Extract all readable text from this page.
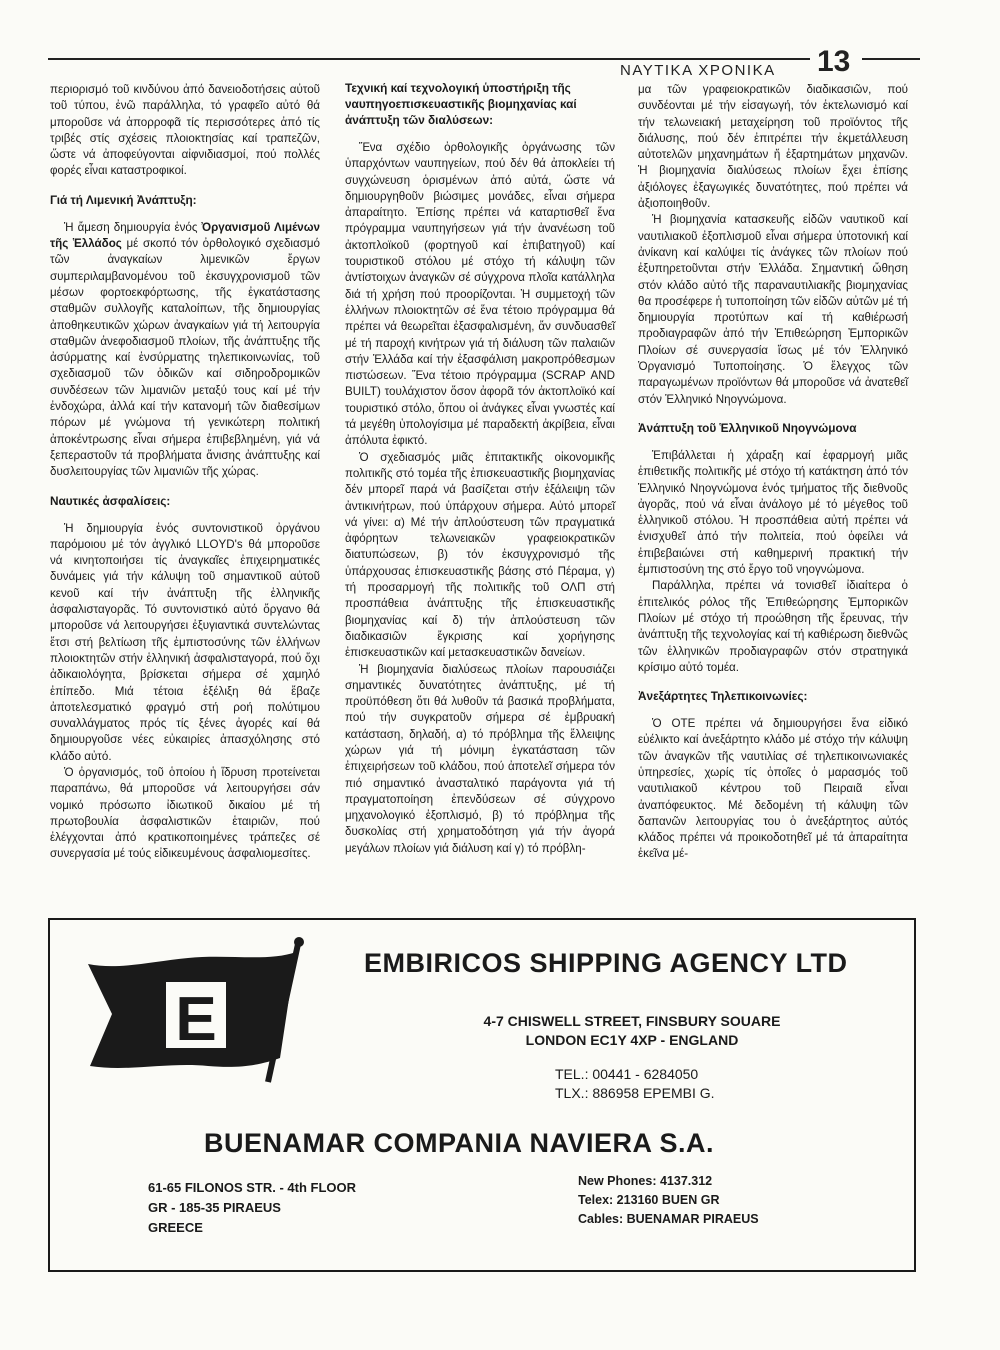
ΝΑΥΤΙΚΑ ΧΡΟΝΙΚΑ 13

περιορισμό τοῦ κινδύνου ἀπό δανειοδοτήσεις αὐτοῦ τοῦ τύπου, ἐνῶ παράλληλα, τό γραφεῖο αὐτό θά μποροῦσε νά ἀπορροφᾶ τίς περισσότερες ἀπό τίς τριβές στίς σχέσεις πλοιοκτησίας καί τραπεζῶν, ὥστε νά ἀποφεύγονται αἰφνιδιασμοί, πού πολλές φορές εἶναι καταστροφικοί.

Γιά τή Λιμενική Ἀνάπτυξη:

Ἡ ἄμεση δημιουργία ἑνός Ὀργανισμοῦ Λιμένων τῆς Ἑλλάδος μέ σκοπό τόν ὀρθολογικό σχεδιασμό τῶν ἀναγκαίων λιμενικῶν ἔργων συμπεριλαμβανομένου τοῦ ἐκσυγχρονισμοῦ τῶν μέσων φορτοεκφόρτωσης, τῆς ἐγκατάστασης σταθμῶν συλλογῆς καταλοίπων, τῆς δημιουργίας ἀποθηκευτικῶν χώρων ἀναγκαίων γιά τή λειτουργία σταθμῶν ἀνεφοδιασμοῦ πλοίων, τῆς ἀνάπτυξης τῆς ἀσύρματης καί ἐνσύρματης τηλεπικοινωνίας, τοῦ σχεδιασμοῦ τῶν ὁδικῶν καί σιδηροδρομικῶν συνδέσεων τῶν λιμανιῶν μεταξύ τους καί μέ τήν ἐνδοχώρα, ἀλλά καί τήν κατανομή τῶν διαθεσίμων πόρων μέ γνώμονα τή γενικώτερη πολιτική ἀποκέντρωσης εἶναι σήμερα ἐπιβεβλημένη, γιά νά ξεπεραστοῦν τά προβλήματα ἄνισης ἀνάπτυξης καί δυσλειτουργίας τῶν λιμανιῶν τῆς χώρας.

Ναυτικές ἀσφαλίσεις:

Ἡ δημιουργία ἑνός συντονιστικοῦ ὀργάνου παρόμοιου μέ τόν ἀγγλικό LLOYD's θά μποροῦσε νά κινητοποιήσει τίς ἀναγκαῖες ἐπιχειρηματικές δυνάμεις γιά τήν κάλυψη τοῦ σημαντικοῦ αὐτοῦ κενοῦ καί τήν ἀνάπτυξη τῆς ἑλληνικῆς ἀσφαλισταγορᾶς. Τό συντονιστικό αὐτό ὄργανο θά μποροῦσε νά λειτουργήσει ἐξυγιαντικά συντελώντας ἔτσι στή βελτίωση τῆς ἐμπιστοσύνης τῶν ἑλλήνων πλοιοκτητῶν στήν ἑλληνική ἀσφαλισταγορά, πού ὅχι ἀδικαιολόγητα, βρίσκεται σήμερα σέ χαμηλό ἐπίπεδο. Μιά τέτοια ἐξέλιξη θά ἔβαζε ἀποτελεσματικό φραγμό στή ροή πολύτιμου συναλλάγματος πρός τίς ξένες ἀγορές καί θά δημιουργοῦσε νέες εὐκαιρίες ἀπασχόλησης στό κλάδο αὐτό.

Ὁ ὀργανισμός, τοῦ ὁποίου ἡ ἵδρυση προτείνεται παραπάνω, θά μποροῦσε νά λειτουργήσει σάν νομικό πρόσωπο ἰδιωτικοῦ δικαίου μέ τή πρωτοβουλία ἀσφαλιστικῶν ἑταιριῶν, πού ἐλέγχονται ἀπό κρατικοποιημένες τράπεζες σέ συνεργασία μέ τούς εἰδικευμένους ἀσφαλιομεσίτες.

Τεχνική καί τεχνολογική ὑποστήριξη τῆς ναυπηγοεπισκευαστικῆς βιομηχανίας καί ἀνάπτυξη τῶν διαλύσεων:

Ἕνα σχέδιο ὀρθολογικῆς ὀργάνωσης τῶν ὑπαρχόντων ναυπηγείων, πού δέν θά ἀποκλείει τή συγχώνευση ὁρισμένων ἀπό αὐτά, ὥστε νά δημιουργηθοῦν βιώσιμες μονάδες, εἶναι σήμερα ἀπαραίτητο. Ἐπίσης πρέπει νά καταρτισθεῖ ἕνα πρόγραμμα ναυπηγήσεων γιά τήν ἀνανέωση τοῦ ἀκτοπλοϊκοῦ (φορτηγοῦ καί ἐπιβατηγοῦ) καί τουριστικοῦ στόλου μέ στόχο τή κάλυψη τῶν ἀντίστοιχων ἀναγκῶν σέ σύγχρονα πλοῖα κατάλληλα διά τή χρήση πού προορίζονται. Ἡ συμμετοχή τῶν ἑλλήνων πλοιοκτητῶν σέ ἕνα τέτοιο πρόγραμμα θά πρέπει νά θεωρεῖται ἐξασφαλισμένη, ἄν συνδυασθεῖ μέ τή παροχή κινήτρων γιά τή διάλυση τῶν παλαιῶν στήν Ἑλλάδα καί τήν ἐξασφάλιση μακροπρόθεσμων πιστώσεων. Ἕνα τέτοιο πρόγραμμα (SCRAP AND BUILT) τουλάχιστον ὅσον ἀφορᾶ τόν ἀκτοπλοϊκό καί τουριστικό στόλο, ὅπου οἱ ἀνάγκες εἶναι γνωστές καί τά μεγέθη ὑπολογίσιμα μέ παραδεκτή ἀκρίβεια, εἶναι ἀπόλυτα ἐφικτό.

Ὁ σχεδιασμός μιᾶς ἐπιτακτικῆς οἰκονομικῆς πολιτικῆς στό τομέα τῆς ἐπισκευαστικῆς βιομηχανίας δέν μπορεῖ παρά νά βασίζεται στήν ἐξάλειψη τῶν ἀντικινήτρων, πού ὑπάρχουν σήμερα. Αὐτό μπορεῖ νά γίνει: α) Μέ τήν ἀπλούστευση τῶν πραγματικά ἀφόρητων τελωνειακῶν γραφειοκρατικῶν διατυπώσεων, β) τόν ἐκσυγχρονισμό τῆς ὑπάρχουσας ἐπισκευαστικῆς βάσης στό Πέραμα, γ) τή προσαρμογή τῆς πολιτικῆς τοῦ ΟΛΠ στή προσπάθεια ἀνάπτυξης τῆς ἐπισκευαστικῆς βιομηχανίας καί δ) τήν ἀπλούστευση τῶν διαδικασιῶν ἔγκρισης καί χορήγησης ἐπισκευαστικῶν καί μετασκευαστικῶν δανείων.

Ἡ βιομηχανία διαλύσεως πλοίων παρουσιάζει σημαντικές δυνατότητες ἀνάπτυξης, μέ τή προϋπόθεση ὅτι θά λυθοῦν τά βασικά προβλήματα, πού τήν συγκρατοῦν σήμερα σέ ἐμβρυακή κατάσταση, δηλαδή, α) τό πρόβλημα τῆς ἔλλειψης χώρων γιά τή μόνιμη ἐγκατάσταση τῶν ἐπιχειρήσεων τοῦ κλάδου, πού ἀποτελεῖ σήμερα τόν πιό σημαντικό ἀνασταλτικό παράγοντα γιά τή πραγματοποίηση ἐπενδύσεων σέ σύγχρονο μηχανολογικό ἐξοπλισμό, β) τό πρόβλημα τῆς δυσκολίας στή χρηματοδότηση γιά τήν ἀγορά μεγάλων πλοίων γιά διάλυση καί γ) τό πρόβλη-

μα τῶν γραφειοκρατικῶν διαδικασιῶν, πού συνδέονται μέ τήν εἰσαγωγή, τόν ἐκτελωνισμό καί τήν τελωνειακή μεταχείρηση τοῦ προϊόντος τῆς διάλυσης, πού δέν ἐπιτρέπει τήν ἐκμετάλλευση αὐτοτελῶν μηχανημάτων ἤ ἐξαρτημάτων μηχανῶν. Ἡ βιομηχανία διαλύσεως πλοίων ἔχει ἐπίσης ἀξιόλογες ἐξαγωγικές δυνατότητες, πού πρέπει νά ἀξιοποιηθοῦν.

Ἡ βιομηχανία κατασκευῆς εἰδῶν ναυτικοῦ καί ναυτιλιακοῦ ἐξοπλισμοῦ εἶναι σήμερα ὑποτονική καί ἀνίκανη καί καλύψει τίς ἀνάγκες τῶν πλοίων πού ἐξυπηρετοῦνται στήν Ἑλλάδα. Σημαντική ὤθηση στόν κλάδο αὐτό τῆς παραναυτιλιακῆς βιομηχανίας θα προσέφερε ἡ τυποποίηση τῶν εἰδῶν αὐτῶν μέ τή δημιουργία προτύπων καί τή καθιέρωσή προδιαγραφῶν ἀπό τήν Ἐπιθεώρηση Ἐμπορικῶν Πλοίων σέ συνεργασία ἴσως μέ τόν Ἑλληνικό Ὀργανισμό Τυποποίησης. Ὁ ἔλεγχος τῶν παραγωμένων προϊόντων θά μποροῦσε νά ἀνατεθεῖ στόν Ἑλληνικό Νηογνώμονα.

Ἀνάπτυξη τοῦ Ἑλληνικοῦ Νηογνώμονα

Ἐπιβάλλεται ἡ χάραξη καί ἐφαρμογή μιᾶς ἐπιθετικῆς πολιτικῆς μέ στόχο τή κατάκτηση ἀπό τόν Ἑλληνικό Νηογνώμονα ἑνός τμήματος τῆς διεθνοῦς ἀγορᾶς, πού νά εἶναι ἀνάλογο μέ τό μέγεθος τοῦ ἑλληνικοῦ στόλου. Ἡ προσπάθεια αὐτή πρέπει νά ἐνισχυθεῖ ἀπό τήν πολιτεία, πού ὀφείλει νά ἐπιβεβαιώνει στή καθημερινή πρακτική τήν ἐμπιστοσύνη της στό ἔργο τοῦ νηογνώμονα.

Παράλληλα, πρέπει νά τονισθεῖ ἰδιαίτερα ὁ ἐπιτελικός ρόλος τῆς Ἐπιθεώρησης Ἐμπορικῶν Πλοίων μέ στόχο τή προώθηση τῆς ἔρευνας, τήν ἀνάπτυξη τῆς τεχνολογίας καί τή καθιέρωση διεθνῶς τῶν ἑλληνικῶν προδιαγραφῶν στόν στρατηγικά κρίσιμο αὐτό τομέα.

Ἀνεξάρτητες Τηλεπικοινωνίες:

Ὁ ΟΤΕ πρέπει νά δημιουργήσει ἕνα εἰδικό εὐέλικτο καί ἀνεξάρτητο κλάδο μέ στόχο τήν κάλυψη τῶν ἀναγκῶν τῆς ναυτιλίας σέ τηλεπικοινωνιακές ὑπηρεσίες, χωρίς τίς ὁποῖες ὁ μαρασμός τοῦ ναυτιλιακοῦ κέντρου τοῦ Πειραιᾶ εἶναι ἀναπόφευκτος. Μέ δεδομένη τή κάλυψη τῶν δαπανῶν λειτουργίας του ὁ ἀνεξάρτητος αὐτός κλάδος πρέπει νά προικοδοτηθεῖ μέ τά ἀπαραίτητα ἐκεῖνα μέ-

E
EMBIRICOS SHIPPING AGENCY LTD
4-7 CHISWELL STREET, FINSBURY SOUARE
LONDON EC1Y 4XP - ENGLAND
TEL.: 00441 - 6284050
TLX.: 886958 EPEMBI G.
BUENAMAR COMPANIA NAVIERA S.A.
61-65 FILONOS STR. - 4th FLOOR
GR - 185-35 PIRAEUS
GREECE
New Phones: 4137.312
Telex: 213160 BUEN GR
Cables: BUENAMAR PIRAEUS
